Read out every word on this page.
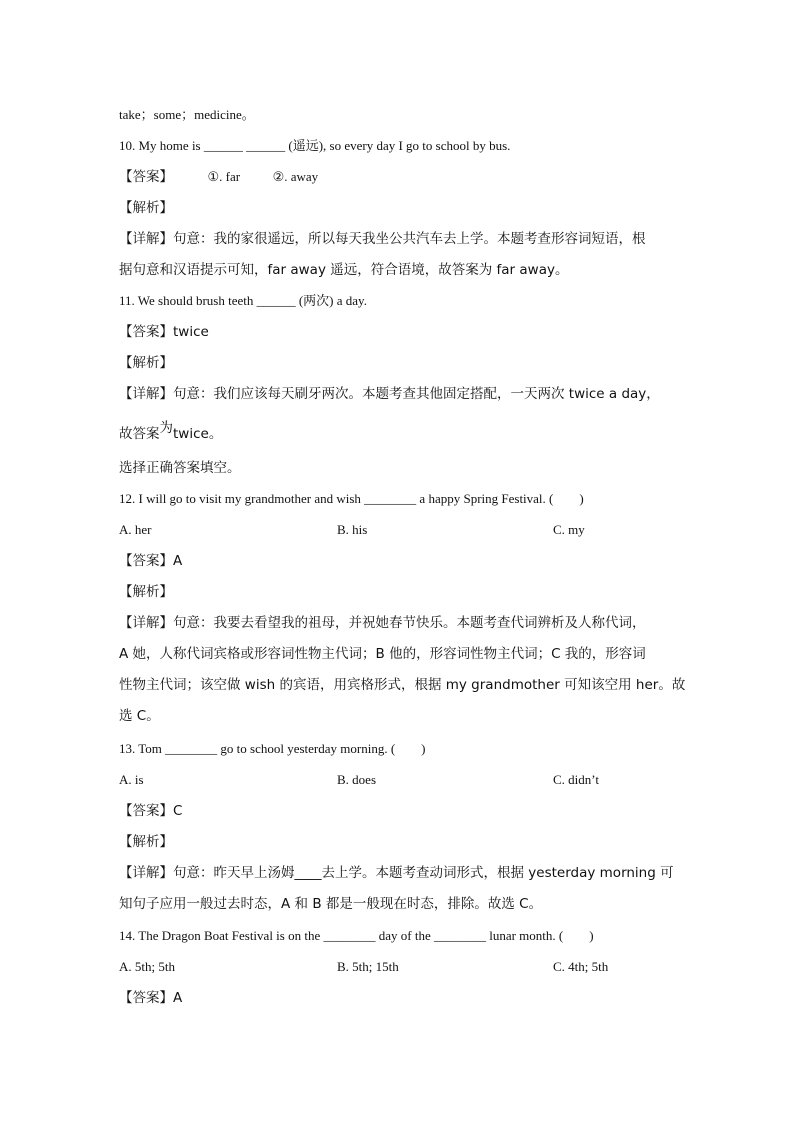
take；some；medicine。
10. My home is ______ ______ (遥远), so every day I go to school by bus.
【答案】	①. far	②. away
【解析】
【详解】句意：我的家很遥远，所以每天我坐公共汽车去上学。本题考查形容词短语，根
据句意和汉语提示可知，far away 遥远，符合语境，故答案为 far away。
11. We should brush teeth ______ (两次) a day.
【答案】twice
【解析】
【详解】句意：我们应该每天刷牙两次。本题考查其他固定搭配，一天两次 twice a day，
故答案为twice。
选择正确答案填空。
12. I will go to visit my grandmother and wish ________ a happy Spring Festival. (　　)
A. her	B. his	C. my
【答案】A
【解析】
【详解】句意：我要去看望我的祖母，并祝她春节快乐。本题考查代词辨析及人称代词，
A 她，人称代词宾格或形容词性物主代词；B 他的，形容词性物主代词；C 我的，形容词
性物主代词；该空做 wish 的宾语，用宾格形式，根据 my grandmother 可知该空用 her。故
选 C。
13. Tom ________ go to school yesterday morning. (　　)
A. is	B. does	C. didn’t
【答案】C
【解析】
【详解】句意：昨天早上汤姆____去上学。本题考查动词形式，根据 yesterday morning 可
知句子应用一般过去时态，A 和 B 都是一般现在时态，排除。故选 C。
14. The Dragon Boat Festival is on the ________ day of the ________ lunar month. (　　)
A. 5th; 5th	B. 5th; 15th	C. 4th; 5th
【答案】A
